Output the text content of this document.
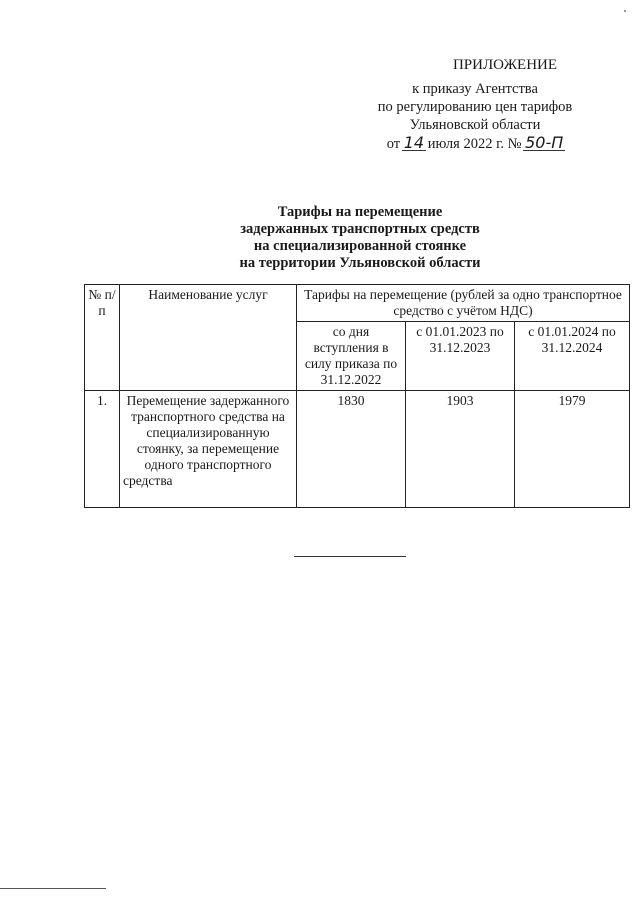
ПРИЛОЖЕНИЕ
к приказу Агентства
по регулированию цен тарифов
Ульяновской области
от 14 июля 2022 г. № 50-П
Тарифы на перемещение
задержанных транспортных средств
на специализированной стоянке
на территории Ульяновской области
№ п/п	Наименование услуг	Тарифы на перемещение (рублей за одно транспортное средство с учётом НДС)		
		со дня вступления в силу приказа по 31.12.2022	с 01.01.2023 по 31.12.2023	с 01.01.2024 по 31.12.2024
1.	Перемещение задержанного транспортного средства на специализированную стоянку, за перемещение одного транспортного средства	1830	1903	1979
